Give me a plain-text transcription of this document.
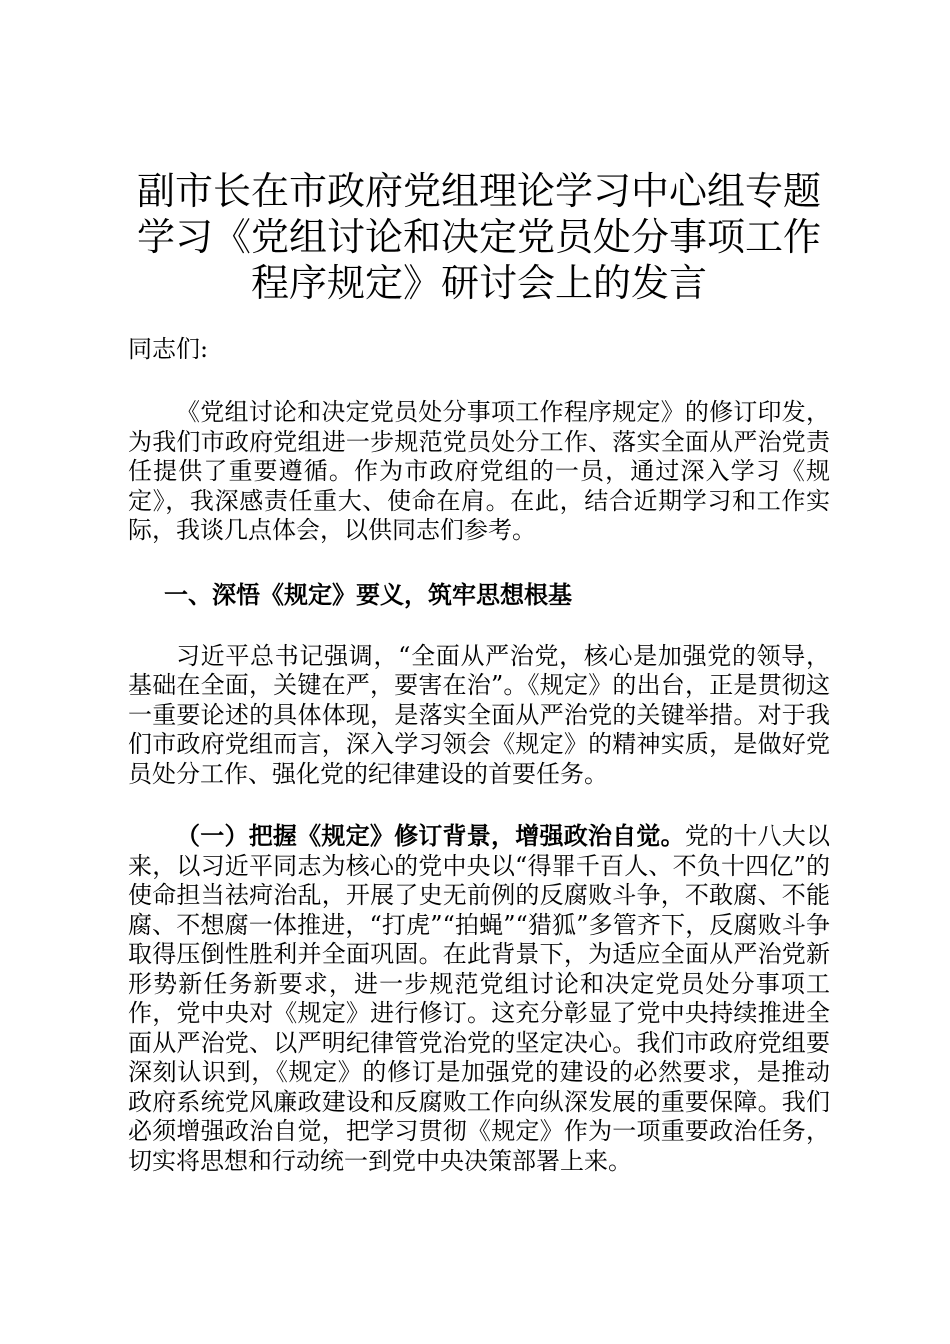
副市长在市政府党组理论学习中心组专题学习《党组讨论和决定党员处分事项工作程序规定》研讨会上的发言

同志们:

《党组讨论和决定党员处分事项工作程序规定》的修订印发，为我们市政府党组进一步规范党员处分工作、落实全面从严治党责任提供了重要遵循。作为市政府党组的一员，通过深入学习《规定》，我深感责任重大、使命在肩。在此，结合近期学习和工作实际，我谈几点体会，以供同志们参考。

一、深悟《规定》要义，筑牢思想根基

习近平总书记强调，“全面从严治党，核心是加强党的领导，基础在全面，关键在严，要害在治”。《规定》的出台，正是贯彻这一重要论述的具体体现，是落实全面从严治党的关键举措。对于我们市政府党组而言，深入学习领会《规定》的精神实质，是做好党员处分工作、强化党的纪律建设的首要任务。

（一）把握《规定》修订背景，增强政治自觉。党的十八大以来，以习近平同志为核心的党中央以“得罪千百人、不负十四亿”的使命担当祛疴治乱，开展了史无前例的反腐败斗争，不敢腐、不能腐、不想腐一体推进，“打虎”“拍蝇”“猎狐”多管齐下，反腐败斗争取得压倒性胜利并全面巩固。在此背景下，为适应全面从严治党新形势新任务新要求，进一步规范党组讨论和决定党员处分事项工作，党中央对《规定》进行修订。这充分彰显了党中央持续推进全面从严治党、以严明纪律管党治党的坚定决心。我们市政府党组要深刻认识到，《规定》的修订是加强党的建设的必然要求，是推动政府系统党风廉政建设和反腐败工作向纵深发展的重要保障。我们必须增强政治自觉，把学习贯彻《规定》作为一项重要政治任务，切实将思想和行动统一到党中央决策部署上来。
